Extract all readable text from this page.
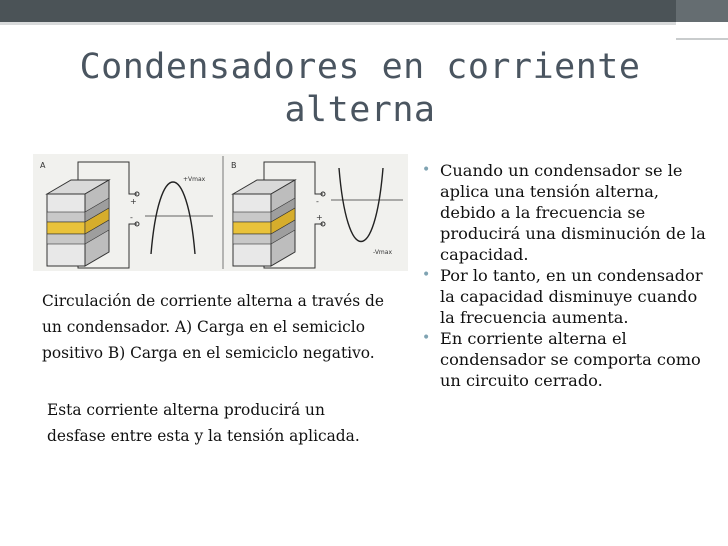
Condensadores en corriente alterna
A
+
-
+Vmax
B
-
+
-Vmax

Circulación de corriente alterna a través de un condensador. A) Carga en el semiciclo positivo B) Carga en el semiciclo negativo.

Esta corriente alterna producirá un desfase entre esta y la tensión aplicada.

• Cuando un condensador se le aplica una tensión alterna, debido a la frecuencia se producirá una disminución de la capacidad.
• Por lo tanto, en un condensador la capacidad disminuye cuando la frecuencia aumenta.
• En corriente alterna el condensador se comporta como un circuito cerrado.
